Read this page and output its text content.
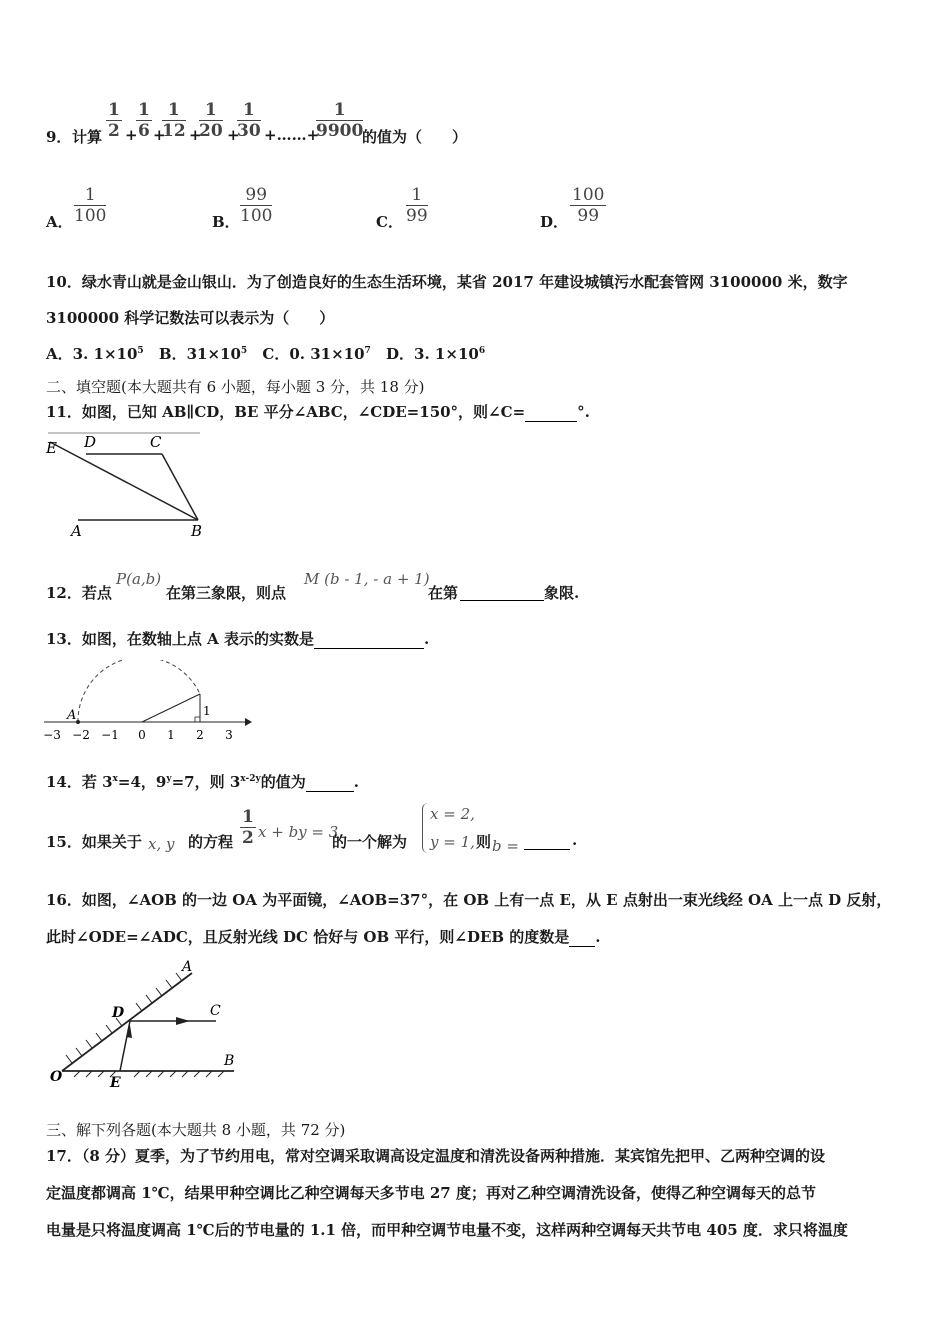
9． 计算 $\frac{1}{2}$ +
$\frac{1}{6}$ +
$\frac{1}{12}$ +
$\frac{1}{20}$ +
$\frac{1}{30}$ +……+
$\frac{1}{9900}$
的值为（　　）
A． $\frac{1}{100}$	B． $\frac{99}{100}$	C． $\frac{1}{99}$	D． $\frac{100}{99}$
10．绿水青山就是金山银山．为了创造良好的生态生活环境，某省 2017 年建设城镇污水配套管网 3100000 米，数字
3100000 科学记数法可以表示为（　　）
A．3. $1\times 10^5$ B．$31\times 10^5$ C．0. $31\times 10^7$ D．3. $1\times 10^6$
二、填空题(本大题共有 6 小题，每小题 3 分，共 18 分)
11．如图，已知 AB∥CD，BE 平分∠ABC，∠CDE=150°，则∠C=	°.
E D	C
A	B
12．若点
P(a,b)
在第三象限，则点
M (b - 1, - a + 1)
在第
	象限.
13．如图，在数轴上点 A 表示的实数是	.
A	1
−3 −2 −1 0 1 2 3
14．若 $3^x=4$，$9^y=7$，则 $3^{x-2y}$的值为	.
15．如果关于 x, y 的方程 $\frac{1}{2}$ x + by = 3
的一个解为
x = 2,
y = 1, 则 b =
	.
16．如图，∠AOB 的一边 OA 为平面镜，∠AOB=37°，在 OB 上有一点 E，从 E 点射出一束光线经 OA 上一点 D 反射，
此时∠ODE=∠ADC，且反射光线 DC 恰好与 OB 平行，则∠DEB 的度数是 .
A
C
D
B
O	E
三、解下列各题(本大题共 8 小题，共 72 分)
17．（8 分）夏季，为了节约用电，常对空调采取调高设定温度和清洗设备两种措施．某宾馆先把甲、乙两种空调的设
定温度都调高 1℃，结果甲种空调比乙种空调每天多节电 27 度；再对乙种空调清洗设备，使得乙种空调每天的总节
电量是只将温度调高 1℃后的节电量的 1.1 倍，而甲种空调节电量不变，这样两种空调每天共节电 405 度．求只将温度
